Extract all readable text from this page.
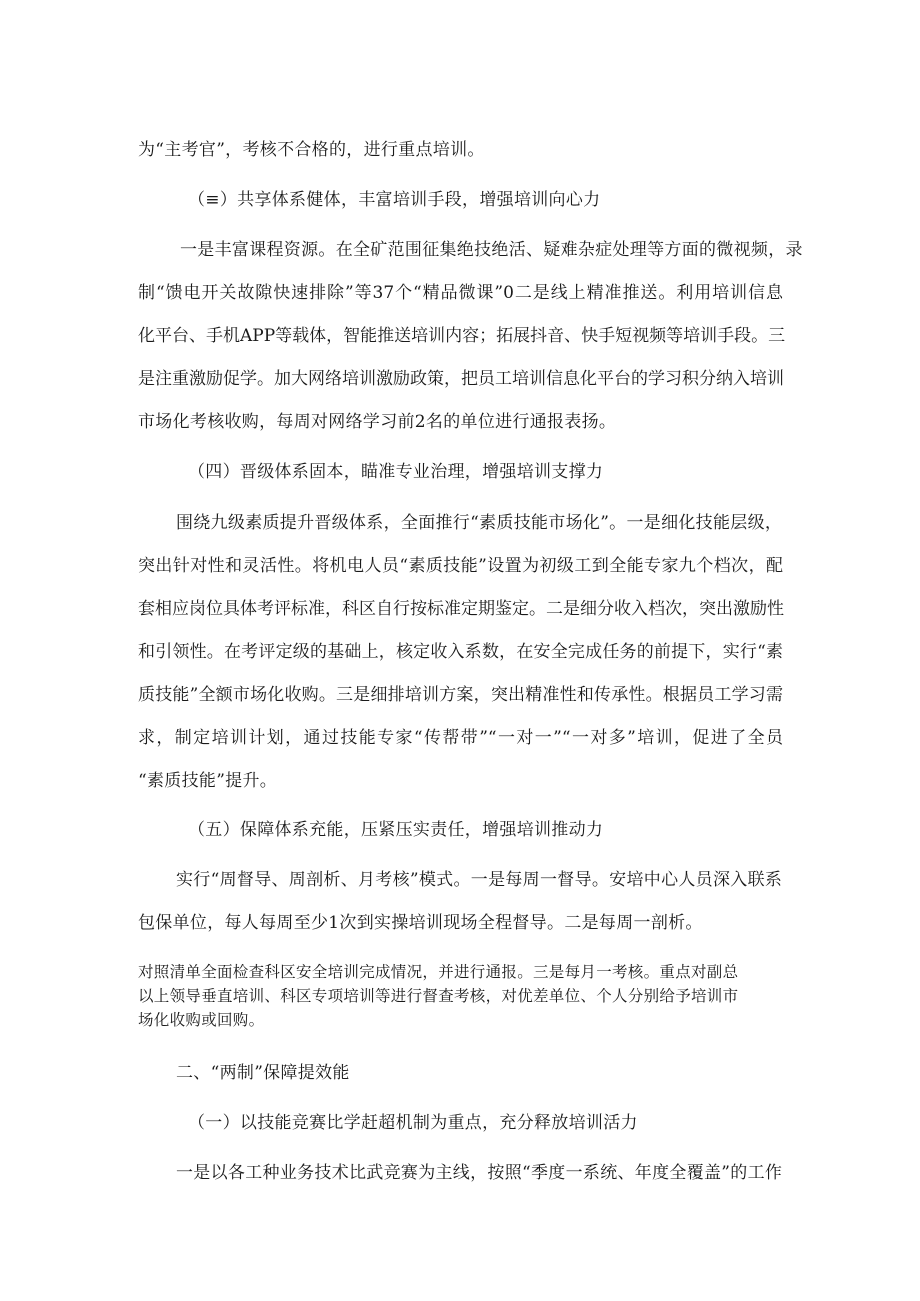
为“主考官”，考核不合格的，进行重点培训。
（≡）共享体系健体，丰富培训手段，增强培训向心力
一是丰富课程资源。在全矿范围征集绝技绝活、疑难杂症处理等方面的微视频，录
制“馈电开关故隙快速排除”等37个“精品微课”0二是线上精准推送。利用培训信息
化平台、手机APP等载体，智能推送培训内容；拓展抖音、快手短视频等培训手段。三
是注重激励促学。加大网络培训激励政策，把员工培训信息化平台的学习积分纳入培训
市场化考核收购，每周对网络学习前2名的单位进行通报表扬。
（四）晋级体系固本，瞄准专业治理，增强培训支撑力
围绕九级素质提升晋级体系，全面推行“素质技能市场化”。一是细化技能层级，
突出针对性和灵活性。将机电人员“素质技能”设置为初级工到全能专家九个档次，配
套相应岗位具体考评标准，科区自行按标准定期鉴定。二是细分收入档次，突出激励性
和引领性。在考评定级的基础上，核定收入系数，在安全完成任务的前提下，实行“素
质技能”全额市场化收购。三是细排培训方案，突出精准性和传承性。根据员工学习需
求，制定培训计划，通过技能专家“传帮带”“一对一”“一对多”培训，促进了全员
“素质技能”提升。
（五）保障体系充能，压紧压实责任，增强培训推动力
实行“周督导、周剖析、月考核”模式。一是每周一督导。安培中心人员深入联系
包保单位，每人每周至少1次到实操培训现场全程督导。二是每周一剖析。
对照清单全面检查科区安全培训完成情况，并进行通报。三是每月一考核。重点对副总
以上领导垂直培训、科区专项培训等进行督查考核，对优差单位、个人分别给予培训市
场化收购或回购。
二、“两制”保障提效能
（一）以技能竞赛比学赶超机制为重点，充分释放培训活力
一是以各工种业务技术比武竞赛为主线，按照“季度一系统、年度全覆盖”的工作
